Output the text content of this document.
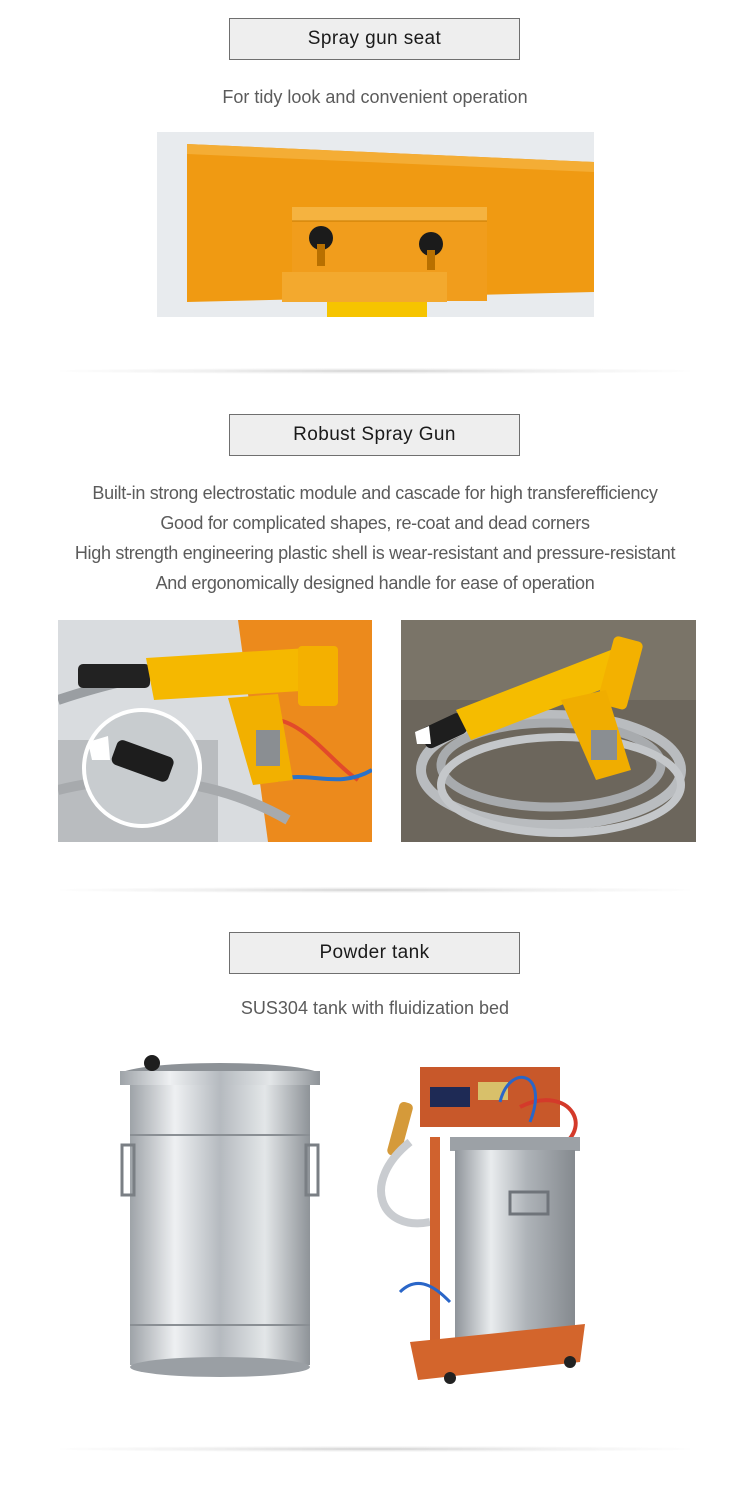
Spray gun seat
For tidy look and convenient operation
Robust Spray Gun
Built-in strong electrostatic module and cascade for high transferefficiency
Good for complicated shapes, re-coat and dead corners
High strength engineering plastic shell is wear-resistant and pressure-resistant
And ergonomically designed handle for ease of operation
Powder tank
SUS304 tank with fluidization bed
